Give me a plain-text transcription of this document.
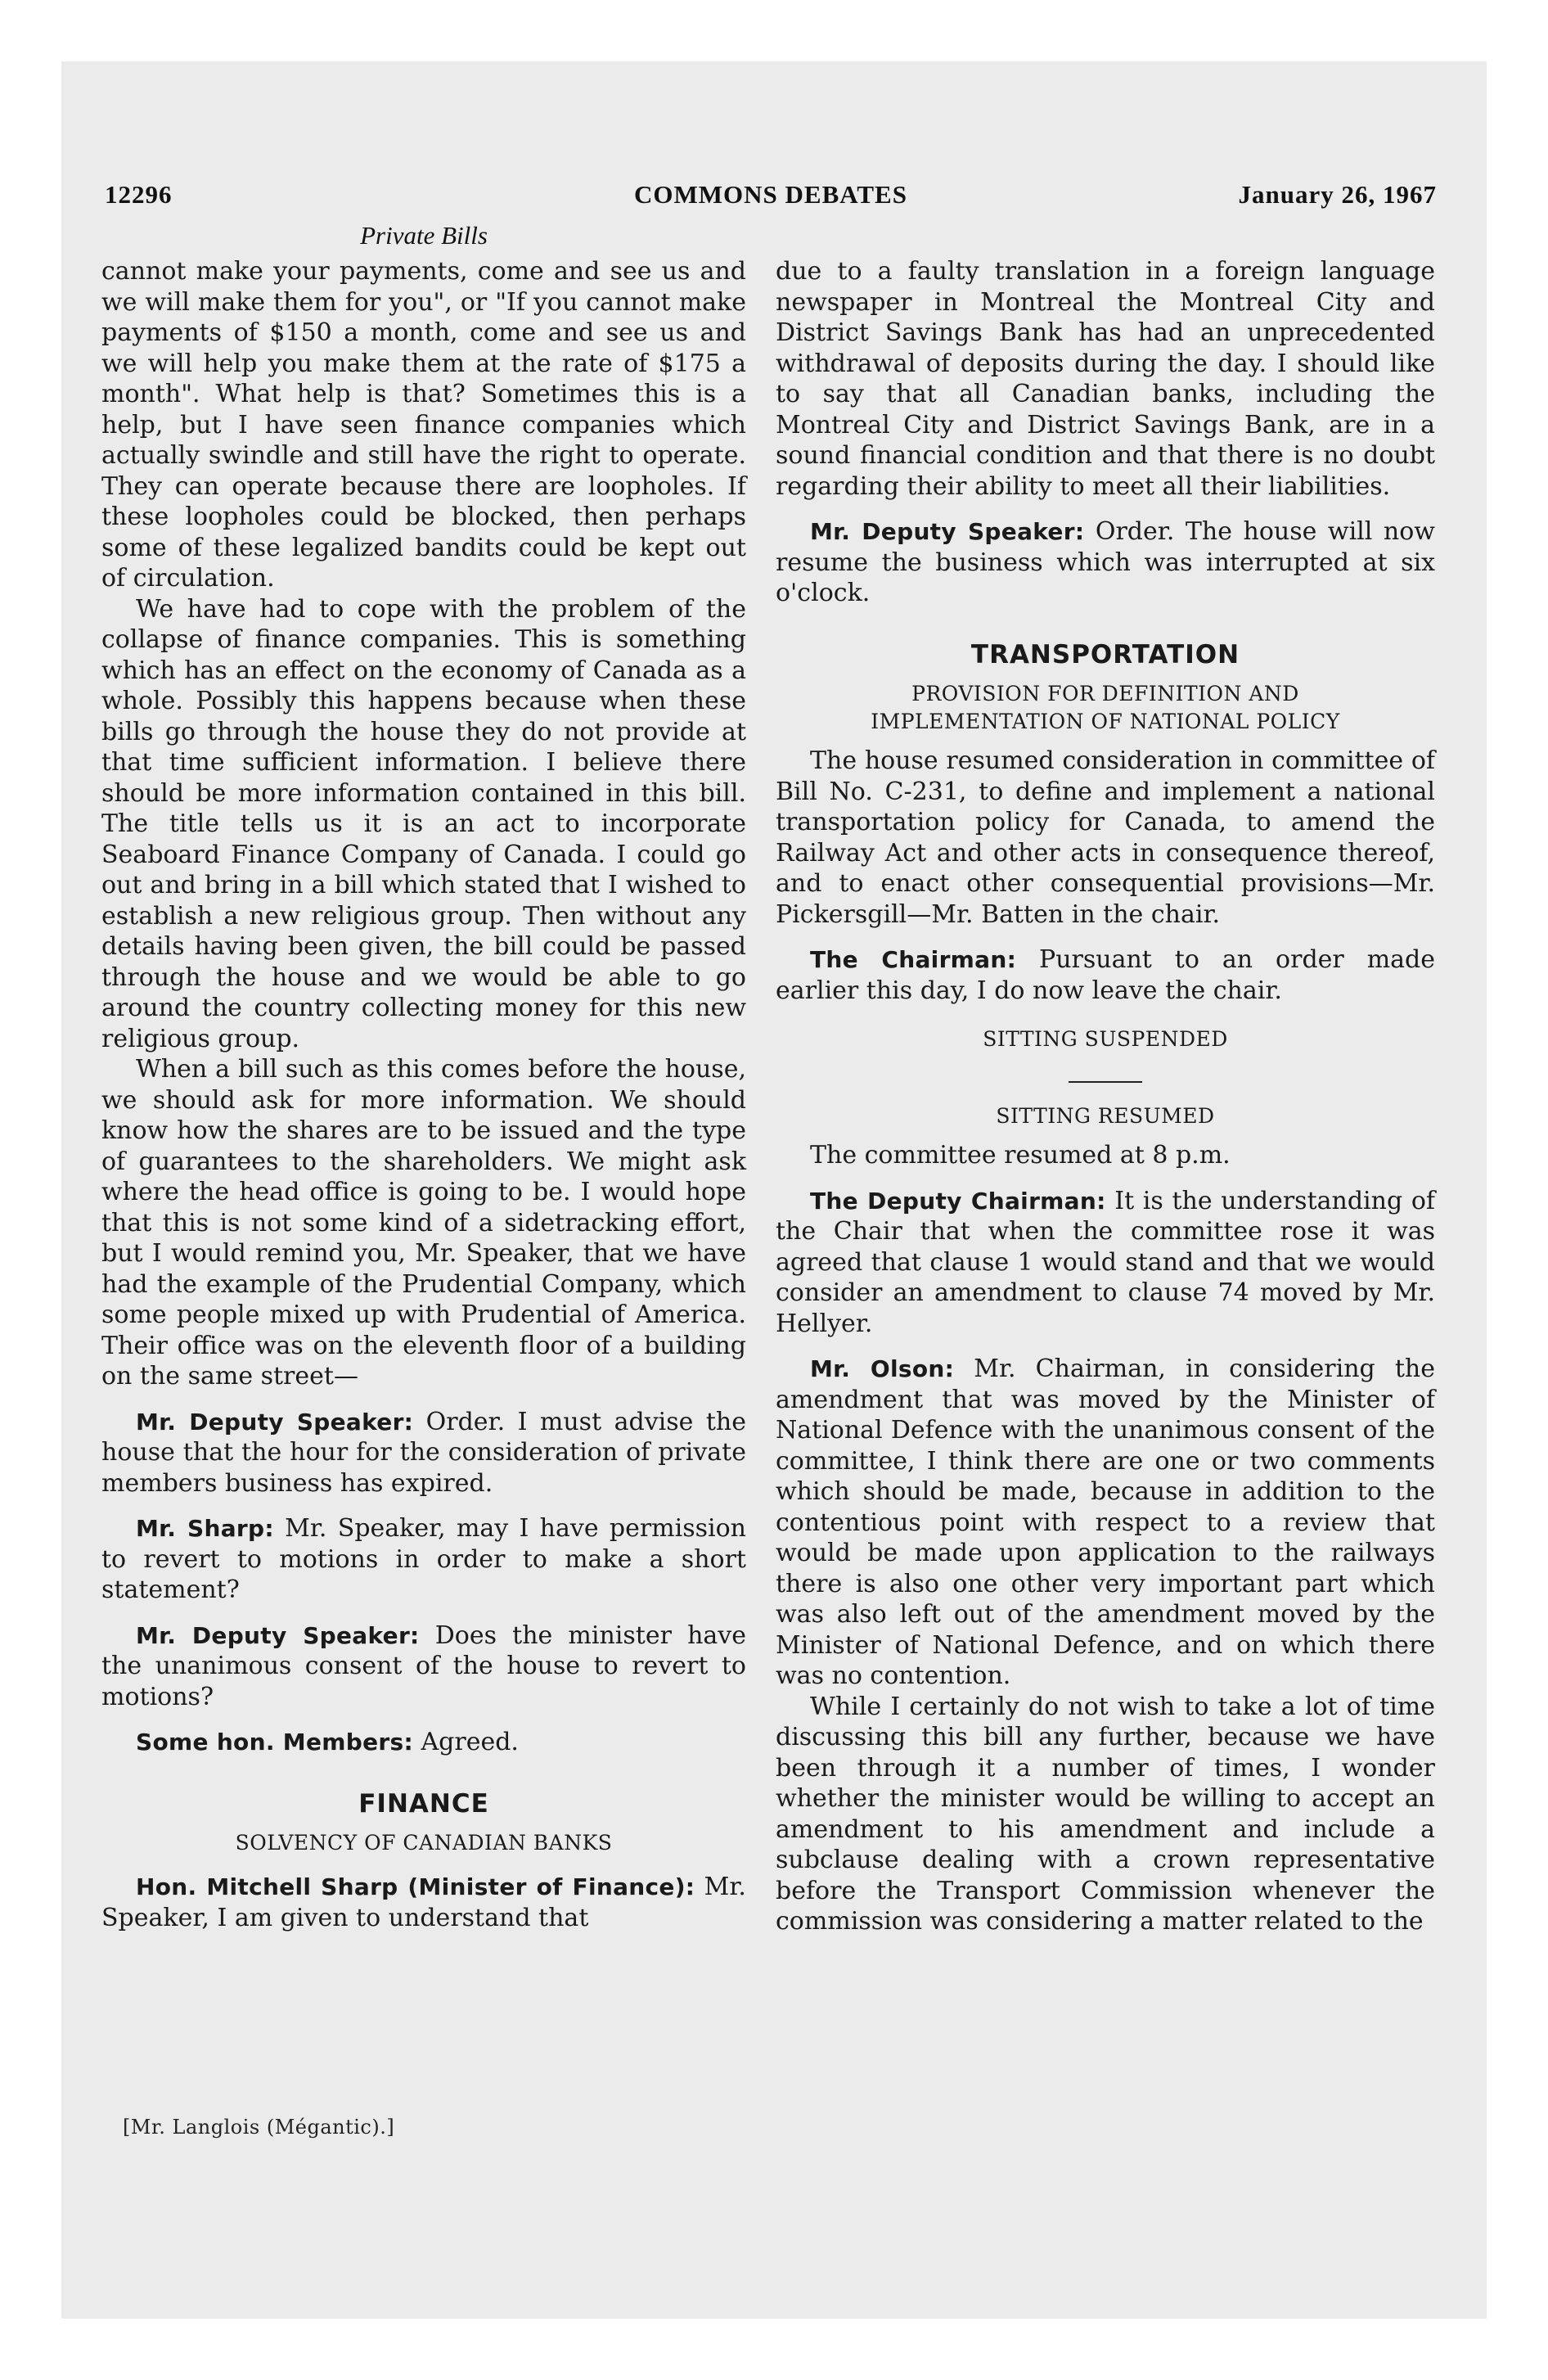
12296	COMMONS DEBATES	January 26, 1967
Private Bills

cannot make your payments, come and see us and we will make them for you", or "If you cannot make payments of $150 a month, come and see us and we will help you make them at the rate of $175 a month". What help is that? Sometimes this is a help, but I have seen finance companies which actually swindle and still have the right to operate. They can operate because there are loopholes. If these loopholes could be blocked, then perhaps some of these legalized bandits could be kept out of circulation.

We have had to cope with the problem of the collapse of finance companies. This is something which has an effect on the economy of Canada as a whole. Possibly this happens because when these bills go through the house they do not provide at that time sufficient information. I believe there should be more information contained in this bill. The title tells us it is an act to incorporate Seaboard Finance Company of Canada. I could go out and bring in a bill which stated that I wished to establish a new religious group. Then without any details having been given, the bill could be passed through the house and we would be able to go around the country collecting money for this new religious group.

When a bill such as this comes before the house, we should ask for more information. We should know how the shares are to be issued and the type of guarantees to the shareholders. We might ask where the head office is going to be. I would hope that this is not some kind of a sidetracking effort, but I would remind you, Mr. Speaker, that we have had the example of the Prudential Company, which some people mixed up with Prudential of America. Their office was on the eleventh floor of a building on the same street—

Mr. Deputy Speaker: Order. I must advise the house that the hour for the consideration of private members business has expired.

Mr. Sharp: Mr. Speaker, may I have permission to revert to motions in order to make a short statement?

Mr. Deputy Speaker: Does the minister have the unanimous consent of the house to revert to motions?

Some hon. Members: Agreed.

FINANCE
SOLVENCY OF CANADIAN BANKS

Hon. Mitchell Sharp (Minister of Finance): Mr. Speaker, I am given to understand that

[Mr. Langlois (Mégantic).]

due to a faulty translation in a foreign language newspaper in Montreal the Montreal City and District Savings Bank has had an unprecedented withdrawal of deposits during the day. I should like to say that all Canadian banks, including the Montreal City and District Savings Bank, are in a sound financial condition and that there is no doubt regarding their ability to meet all their liabilities.

Mr. Deputy Speaker: Order. The house will now resume the business which was interrupted at six o'clock.

TRANSPORTATION
PROVISION FOR DEFINITION AND IMPLEMENTATION OF NATIONAL POLICY

The house resumed consideration in committee of Bill No. C-231, to define and implement a national transportation policy for Canada, to amend the Railway Act and other acts in consequence thereof, and to enact other consequential provisions—Mr. Pickersgill—Mr. Batten in the chair.

The Chairman: Pursuant to an order made earlier this day, I do now leave the chair.

SITTING SUSPENDED
SITTING RESUMED

The committee resumed at 8 p.m.

The Deputy Chairman: It is the understanding of the Chair that when the committee rose it was agreed that clause 1 would stand and that we would consider an amendment to clause 74 moved by Mr. Hellyer.

Mr. Olson: Mr. Chairman, in considering the amendment that was moved by the Minister of National Defence with the unanimous consent of the committee, I think there are one or two comments which should be made, because in addition to the contentious point with respect to a review that would be made upon application to the railways there is also one other very important part which was also left out of the amendment moved by the Minister of National Defence, and on which there was no contention.

While I certainly do not wish to take a lot of time discussing this bill any further, because we have been through it a number of times, I wonder whether the minister would be willing to accept an amendment to his amendment and include a subclause dealing with a crown representative before the Transport Commission whenever the commission was considering a matter related to the
